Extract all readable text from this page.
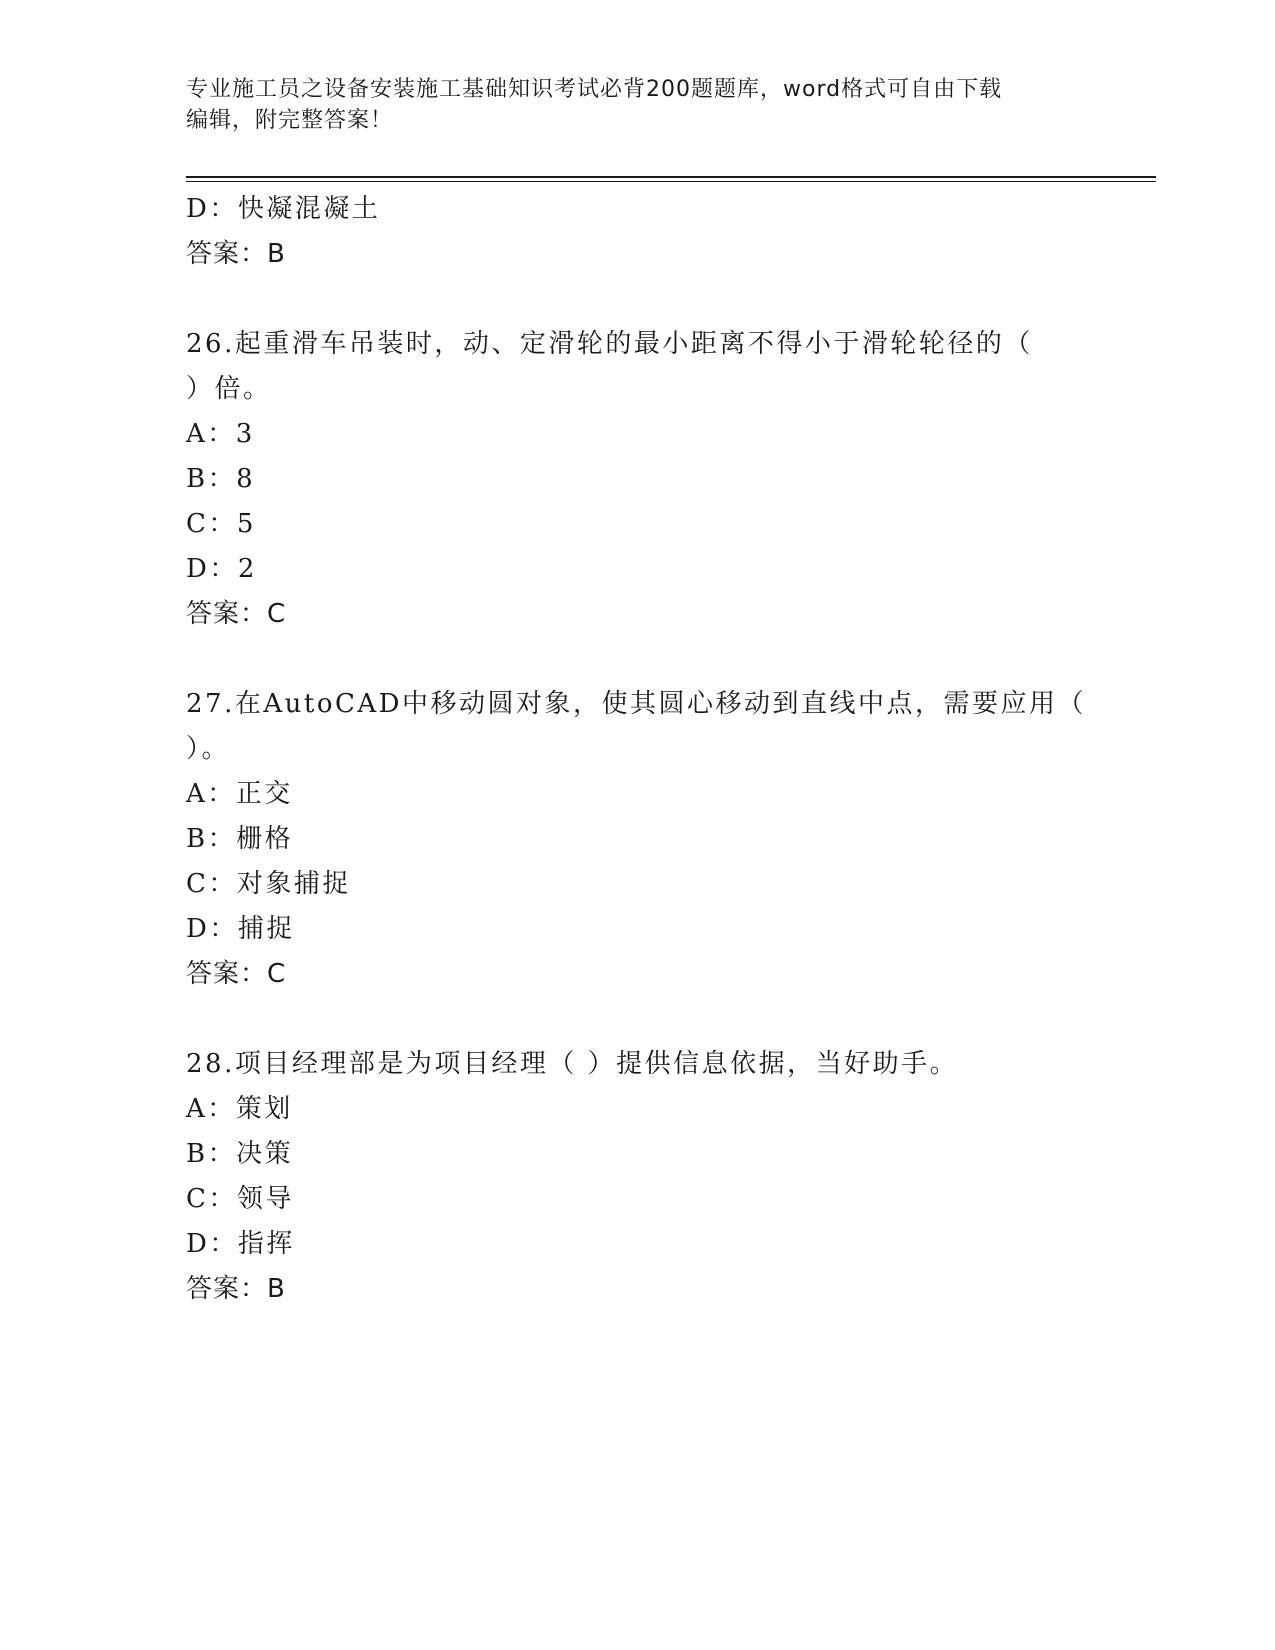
专业施工员之设备安装施工基础知识考试必背200题题库，word格式可自由下载
编辑，附完整答案！
D：快凝混凝土
答案：B
26.起重滑车吊装时，动、定滑轮的最小距离不得小于滑轮轮径的（
）倍。
A：3
B：8
C：5
D：2
答案：C
27.在AutoCAD中移动圆对象，使其圆心移动到直线中点，需要应用（
）。
A：正交
B：栅格
C：对象捕捉
D：捕捉
答案：C
28.项目经理部是为项目经理（ ）提供信息依据，当好助手。
A：策划
B：决策
C：领导
D：指挥
答案：B
